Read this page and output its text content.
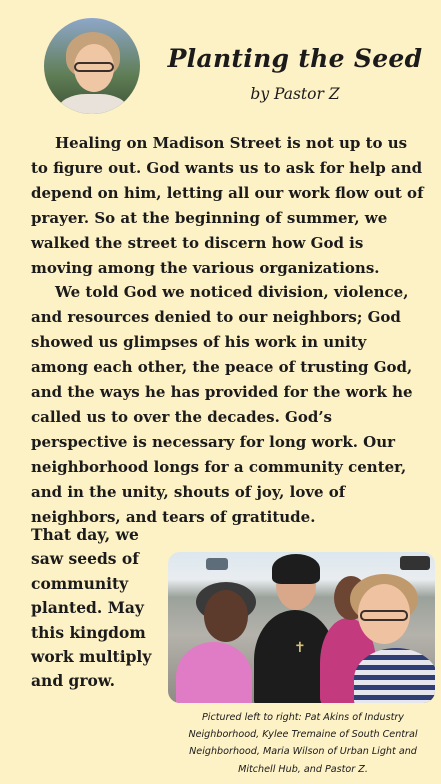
Planting the Seed
by Pastor Z

Healing on Madison Street is not up to us to figure out. God wants us to ask for help and depend on him, letting all our work flow out of prayer. So at the beginning of summer, we walked the street to discern how God is moving among the various organizations.

We told God we noticed division, violence, and resources denied to our neighbors; God showed us glimpses of his work in unity among each other, the peace of trusting God, and the ways he has provided for the work he called us to over the decades. God’s perspective is necessary for long work. Our neighborhood longs for a community center, and in the unity, shouts of joy, love of neighbors, and tears of gratitude.

That day, we saw seeds of community planted. May this kingdom work multiply and grow.
✝
Pictured left to right: Pat Akins of Industry Neighborhood, Kylee Tremaine of South Central Neighborhood, Maria Wilson of Urban Light and Mitchell Hub, and Pastor Z.
